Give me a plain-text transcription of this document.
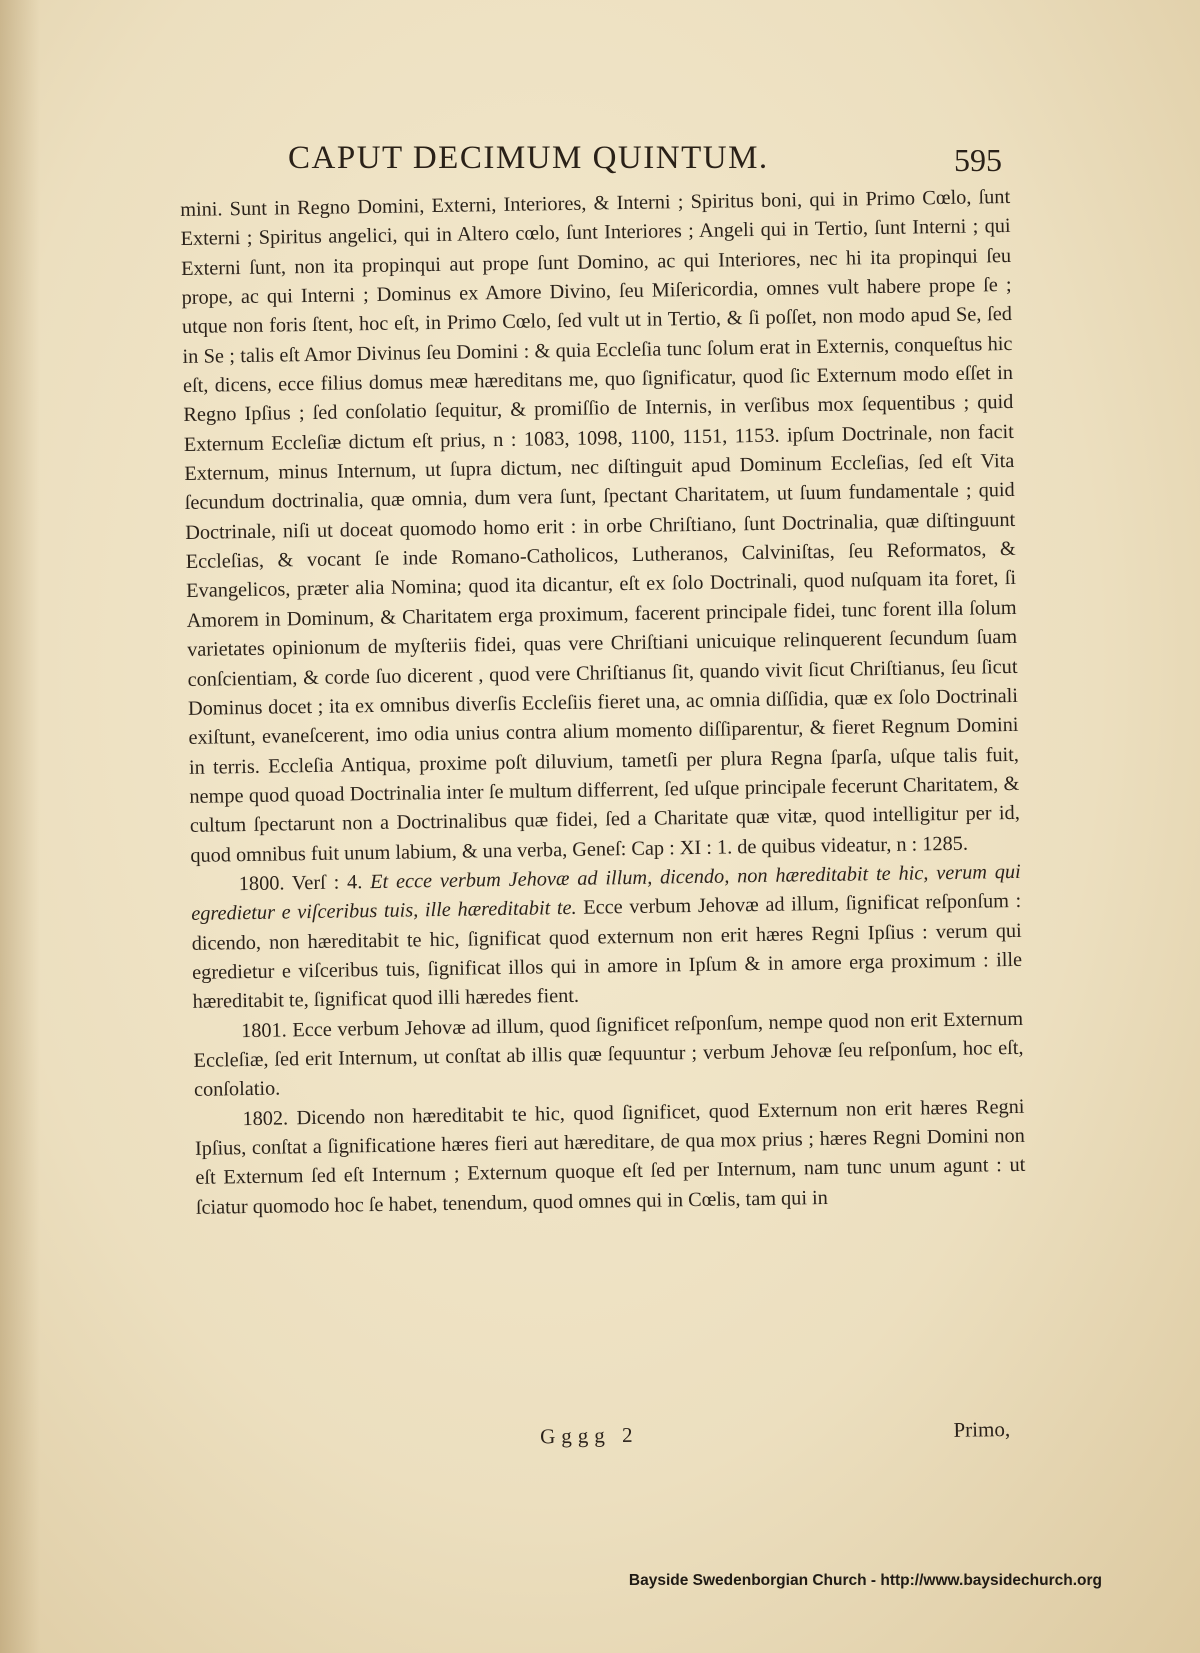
CAPUT DECIMUM QUINTUM.	595

mini. Sunt in Regno Domini, Externi, Interiores, & Interni ; Spiritus boni, qui in Primo Cœlo, ſunt Externi ; Spiritus angelici, qui in Altero cœlo, ſunt Interiores ; Angeli qui in Tertio, ſunt Interni ; qui Externi ſunt, non ita propinqui aut prope ſunt Domino, ac qui Interiores, nec hi ita propinqui ſeu prope, ac qui Interni ; Dominus ex Amore Divino, ſeu Miſericordia, omnes vult habere prope ſe ; utque non foris ſtent, hoc eſt, in Primo Cœlo, ſed vult ut in Tertio, & ſi poſſet, non modo apud Se, ſed in Se ; talis eſt Amor Divinus ſeu Domini : & quia Eccleſia tunc ſolum erat in Externis, conqueſtus hic eſt, dicens, ecce filius domus meæ hæreditans me, quo ſignificatur, quod ſic Externum modo eſſet in Regno Ipſius ; ſed conſolatio ſequitur, & promiſſio de Internis, in verſibus mox ſequentibus ; quid Externum Eccleſiæ dictum eſt prius, n : 1083, 1098, 1100, 1151, 1153. ipſum Doctrinale, non facit Externum, minus Internum, ut ſupra dictum, nec diſtinguit apud Dominum Eccleſias, ſed eſt Vita ſecundum doctrinalia, quæ omnia, dum vera ſunt, ſpectant Charitatem, ut ſuum fundamentale ; quid Doctrinale, niſi ut doceat quomodo homo erit : in orbe Chriſtiano, ſunt Doctrinalia, quæ diſtinguunt Eccleſias, & vocant ſe inde Romano-Catholicos, Lutheranos, Calviniſtas, ſeu Reformatos, & Evangelicos, præter alia Nomina; quod ita dicantur, eſt ex ſolo Doctrinali, quod nuſquam ita foret, ſi Amorem in Dominum, & Charitatem erga proximum, facerent principale fidei, tunc forent illa ſolum varietates opinionum de myſteriis fidei, quas vere Chriſtiani unicuique relinquerent ſecundum ſuam conſcientiam, & corde ſuo dicerent , quod vere Chriſtianus ſit, quando vivit ſicut Chriſtianus, ſeu ſicut Dominus docet ; ita ex omnibus diverſis Eccleſiis fieret una, ac omnia diſſidia, quæ ex ſolo Doctrinali exiſtunt, evaneſcerent, imo odia unius contra alium momento diſſiparentur, & fieret Regnum Domini in terris. Eccleſia Antiqua, proxime poſt diluvium, tametſi per plura Regna ſparſa, uſque talis fuit, nempe quod quoad Doctrinalia inter ſe multum differrent, ſed uſque principale fecerunt Charitatem, & cultum ſpectarunt non a Doctrinalibus quæ fidei, ſed a Charitate quæ vitæ, quod intelligitur per id, quod omnibus fuit unum labium, & una verba, Geneſ: Cap : XI : 1. de quibus videatur, n : 1285.

1800. Verſ : 4. Et ecce verbum Jehovæ ad illum, dicendo, non hæreditabit te hic, verum qui egredietur e viſceribus tuis, ille hæreditabit te. Ecce verbum Jehovæ ad illum, ſignificat reſponſum : dicendo, non hæreditabit te hic, ſignificat quod externum non erit hæres Regni Ipſius : verum qui egredietur e viſceribus tuis, ſignificat illos qui in amore in Ipſum & in amore erga proximum : ille hæreditabit te, ſignificat quod illi hæredes fient.

1801. Ecce verbum Jehovæ ad illum, quod ſignificet reſponſum, nempe quod non erit Externum Eccleſiæ, ſed erit Internum, ut conſtat ab illis quæ ſequuntur ; verbum Jehovæ ſeu reſponſum, hoc eſt, conſolatio.

1802. Dicendo non hæreditabit te hic, quod ſignificet, quod Externum non erit hæres Regni Ipſius, conſtat a ſignificatione hæres fieri aut hæreditare, de qua mox prius ; hæres Regni Domini non eſt Externum ſed eſt Internum ; Externum quoque eſt ſed per Internum, nam tunc unum agunt : ut ſciatur quomodo hoc ſe habet, tenendum, quod omnes qui in Cœlis, tam qui in

Gggg 2	Primo,
Bayside Swedenborgian Church - http://www.baysidechurch.org
